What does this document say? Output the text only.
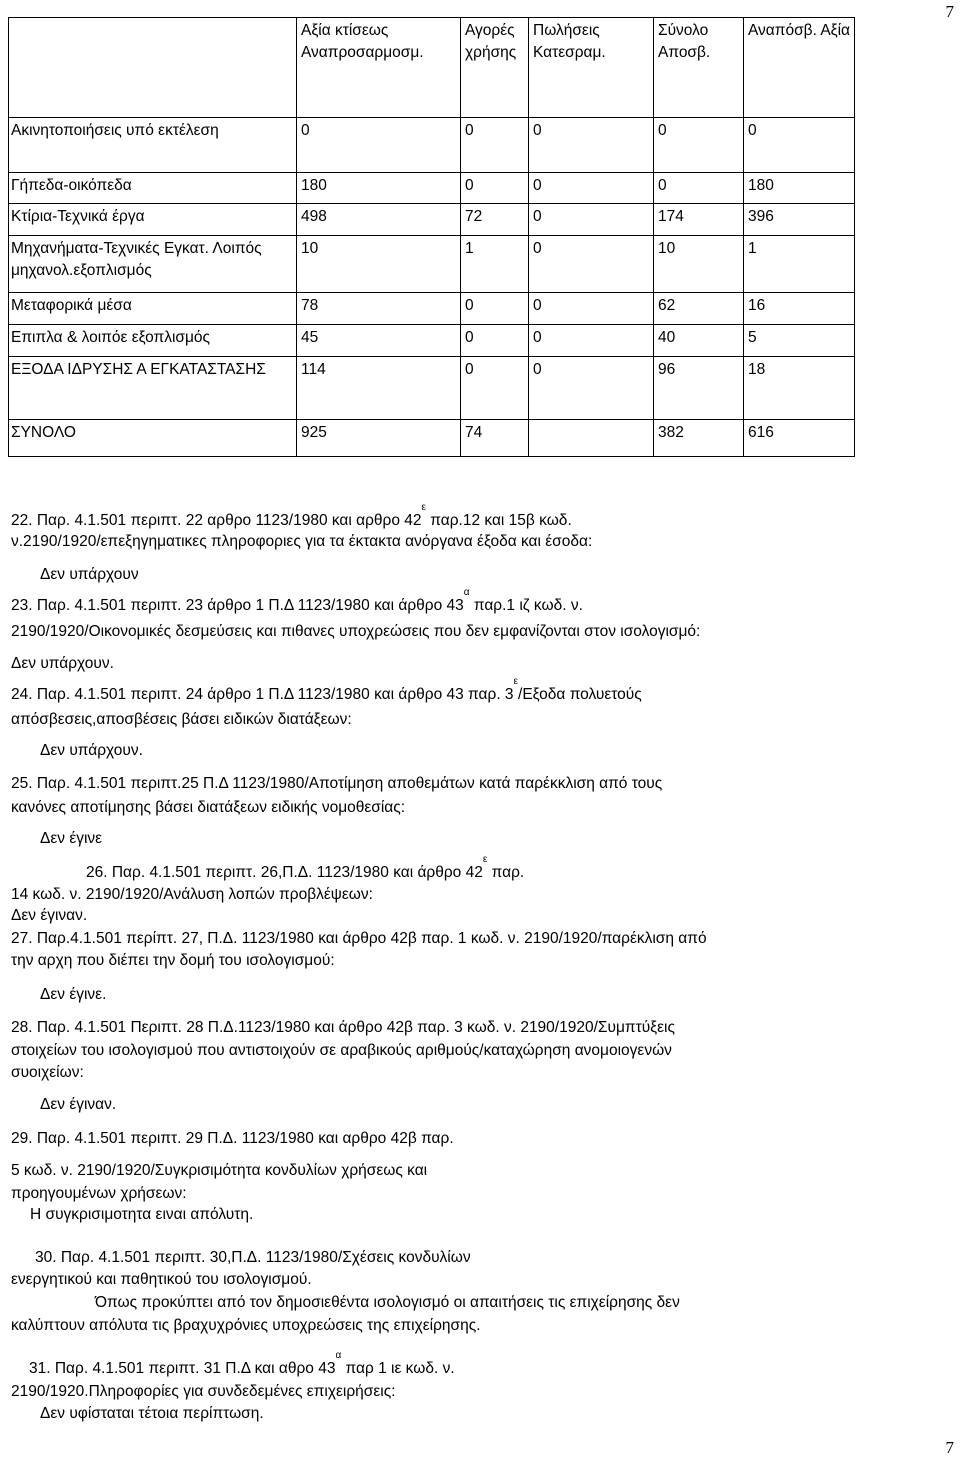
7
	Αξία κτίσεως Αναπροσαρμοσμ.	Αγορές χρήσης	Πωλήσεις Κατεσραμ.	Σύνολο Αποσβ.	Αναπόσβ. Αξία
Ακινητοποιήσεις υπό εκτέλεση	0	0	0	0	0
Γήπεδα-οικόπεδα	180	0	0	0	180
Κτίρια-Τεχνικά έργα	498	72	0	174	396
Μηχανήματα-Τεχνικές Εγκατ. Λοιπός μηχανολ.εξοπλισμός	10	1	0	10	1
Μεταφορικά μέσα	78	0	0	62	16
Επιπλα & λοιπόε εξοπλισμός	45	0	0	40	5
ΕΞΟΔΑ ΙΔΡΥΣΗΣ Α ΕΓΚΑΤΑΣΤΑΣΗΣ	114	0	0	96	18
ΣΥΝΟΛΟ	925	74		382	616
22. Παρ. 4.1.501 περιπτ. 22 αρθρο 1123/1980 και αρθρο $42^\varepsilon$ παρ.12 και 15β κωδ.
ν.2190/1920/επεξηγηματικες πληροφοριες για τα έκτακτα ανόργανα έξοδα και έσοδα:
Δεν υπάρχουν
23. Παρ. 4.1.501 περιπτ. 23 άρθρο 1 Π.Δ 1123/1980 και άρθρο $43^\alpha$ παρ.1 ιζ κωδ. ν.
2190/1920/Οικονομικές δεσμεύσεις και πιθανες υποχρεώσεις που δεν εμφανίζονται στον ισολογισμό:
Δεν υπάρχουν.
24. Παρ. 4.1.501 περιπτ. 24 άρθρο 1 Π.Δ 1123/1980 και άρθρο 43 παρ. $3^\varepsilon$/Εξοδα πολυετούς
απόσβεσεις,αποσβέσεις βάσει ειδικών διατάξεων:
Δεν υπάρχουν.
25. Παρ. 4.1.501 περιπτ.25 Π.Δ 1123/1980/Αποτίμηση αποθεμάτων κατά παρέκκλιση από τους
κανόνες αποτίμησης βάσει διατάξεων ειδικής νομοθεσίας:
Δεν έγινε
26. Παρ. 4.1.501 περιπτ. 26,Π.Δ. 1123/1980 και άρθρο $42^\varepsilon$ παρ.
14 κωδ. ν. 2190/1920/Ανάλυση λοπών προβλέψεων:
Δεν έγιναν.
27. Παρ.4.1.501 περίπτ. 27, Π.Δ. 1123/1980 και άρθρο 42β παρ. 1 κωδ. ν. 2190/1920/παρέκλιση από
την αρχη που διέπει την δομή του ισολογισμού:
Δεν έγινε.
28. Παρ. 4.1.501 Περιπτ. 28 Π.Δ.1123/1980 και άρθρο 42β παρ. 3 κωδ. ν. 2190/1920/Συμπτύξεις
στοιχείων του ισολογισμού που αντιστοιχούν σε αραβικούς αριθμούς/καταχώρηση ανομοιογενών
συοιχείων:
Δεν έγιναν.
29. Παρ. 4.1.501 περιπτ. 29 Π.Δ. 1123/1980 και αρθρο 42β παρ.
5 κωδ. ν. 2190/1920/Συγκρισιμότητα κονδυλίων χρήσεως και
προηγουμένων χρήσεων:
Η συγκρισιμοτητα ειναι απόλυτη.
30. Παρ. 4.1.501 περιπτ. 30,Π.Δ. 1123/1980/Σχέσεις κονδυλίων
ενεργητικού και παθητικού του ισολογισμού.
Όπως προκύπτει από τον δημοσιεθέντα ισολογισμό οι απαιτήσεις τις επιχείρησης δεν
καλύπτουν απόλυτα τις βραχυχρόνιες υποχρεώσεις της επιχείρησης.
31. Παρ. 4.1.501 περιπτ. 31 Π.Δ και αθρο $43^\alpha$ παρ 1 ιε κωδ. ν.
2190/1920.Πληροφορίες για συνδεδεμένες επιχειρήσεις:
Δεν υφίσταται τέτοια περίπτωση.
7
